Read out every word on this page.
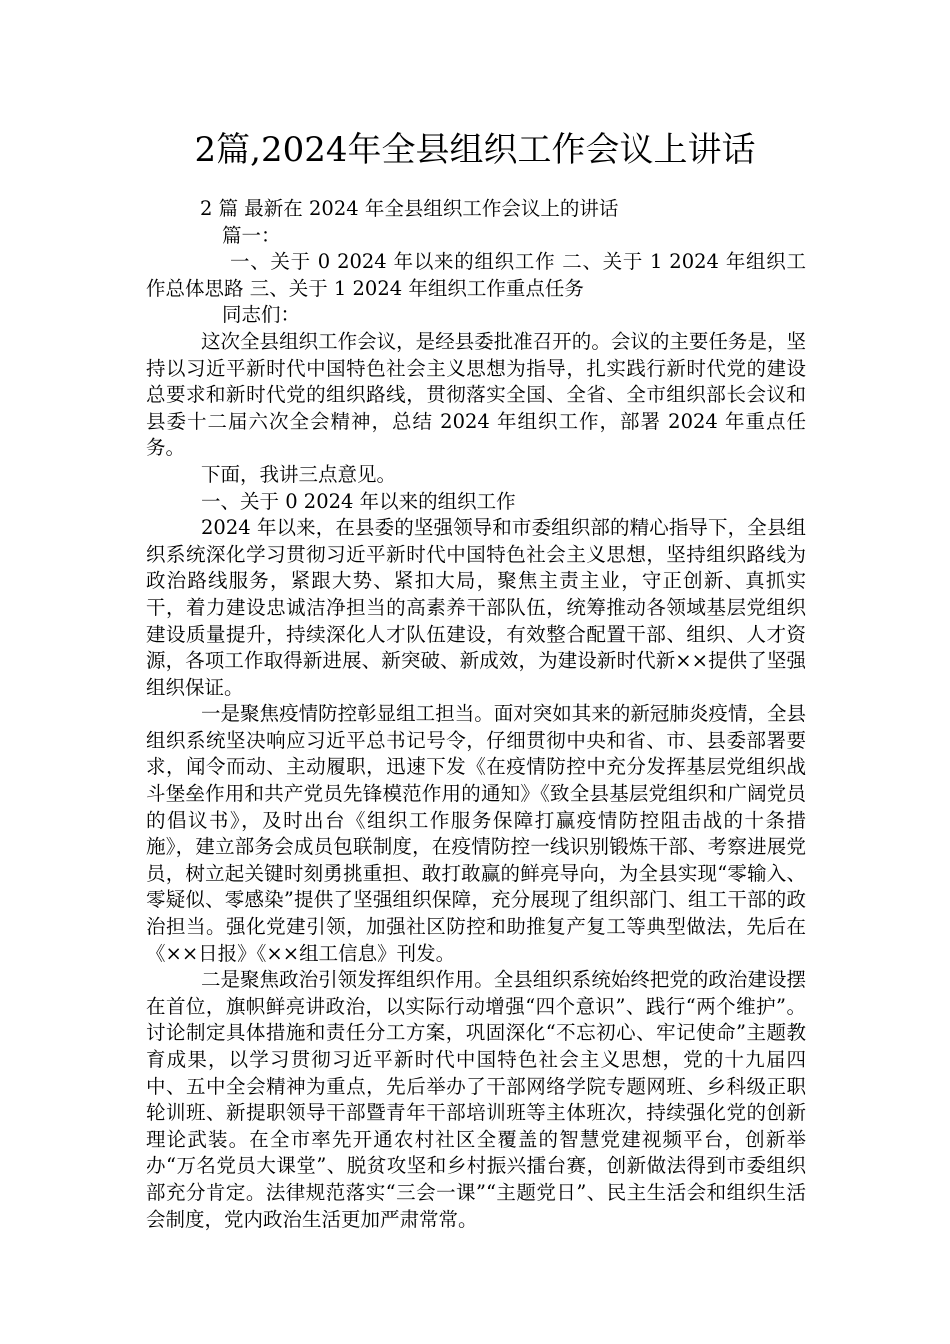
2篇,2024年全县组织工作会议上讲话

2 篇 最新在 2024 年全县组织工作会议上的讲话

篇一：

一、关于 0 2024 年以来的组织工作 二、关于 1 2024 年组织工作总体思路 三、关于 1 2024 年组织工作重点任务

同志们：

这次全县组织工作会议，是经县委批准召开的。会议的主要任务是，坚持以习近平新时代中国特色社会主义思想为指导，扎实践行新时代党的建设总要求和新时代党的组织路线，贯彻落实全国、全省、全市组织部长会议和县委十二届六次全会精神，总结 2024 年组织工作，部署 2024 年重点任务。

下面，我讲三点意见。

一、关于 0 2024 年以来的组织工作

2024 年以来，在县委的坚强领导和市委组织部的精心指导下，全县组织系统深化学习贯彻习近平新时代中国特色社会主义思想，坚持组织路线为政治路线服务，紧跟大势、紧扣大局，聚焦主责主业，守正创新、真抓实干，着力建设忠诚洁净担当的高素养干部队伍，统筹推动各领域基层党组织建设质量提升，持续深化人才队伍建设，有效整合配置干部、组织、人才资源，各项工作取得新进展、新突破、新成效，为建设新时代新××提供了坚强组织保证。

一是聚焦疫情防控彰显组工担当。面对突如其来的新冠肺炎疫情，全县组织系统坚决响应习近平总书记号令，仔细贯彻中央和省、市、县委部署要求，闻令而动、主动履职，迅速下发《在疫情防控中充分发挥基层党组织战斗堡垒作用和共产党员先锋模范作用的通知》《致全县基层党组织和广阔党员的倡议书》，及时出台《组织工作服务保障打赢疫情防控阻击战的十条措施》，建立部务会成员包联制度，在疫情防控一线识别锻炼干部、考察进展党员，树立起关键时刻勇挑重担、敢打敢赢的鲜亮导向，为全县实现“零输入、零疑似、零感染”提供了坚强组织保障，充分展现了组织部门、组工干部的政治担当。强化党建引领，加强社区防控和助推复产复工等典型做法，先后在《××日报》《××组工信息》刊发。

二是聚焦政治引领发挥组织作用。全县组织系统始终把党的政治建设摆在首位，旗帜鲜亮讲政治，以实际行动增强“四个意识”、践行“两个维护”。讨论制定具体措施和责任分工方案，巩固深化“不忘初心、牢记使命”主题教育成果，以学习贯彻习近平新时代中国特色社会主义思想，党的十九届四中、五中全会精神为重点，先后举办了干部网络学院专题网班、乡科级正职轮训班、新提职领导干部暨青年干部培训班等主体班次，持续强化党的创新理论武装。在全市率先开通农村社区全覆盖的智慧党建视频平台，创新举办“万名党员大课堂”、脱贫攻坚和乡村振兴擂台赛，创新做法得到市委组织部充分肯定。法律规范落实“三会一课”“主题党日”、民主生活会和组织生活会制度，党内政治生活更加严肃常常。
